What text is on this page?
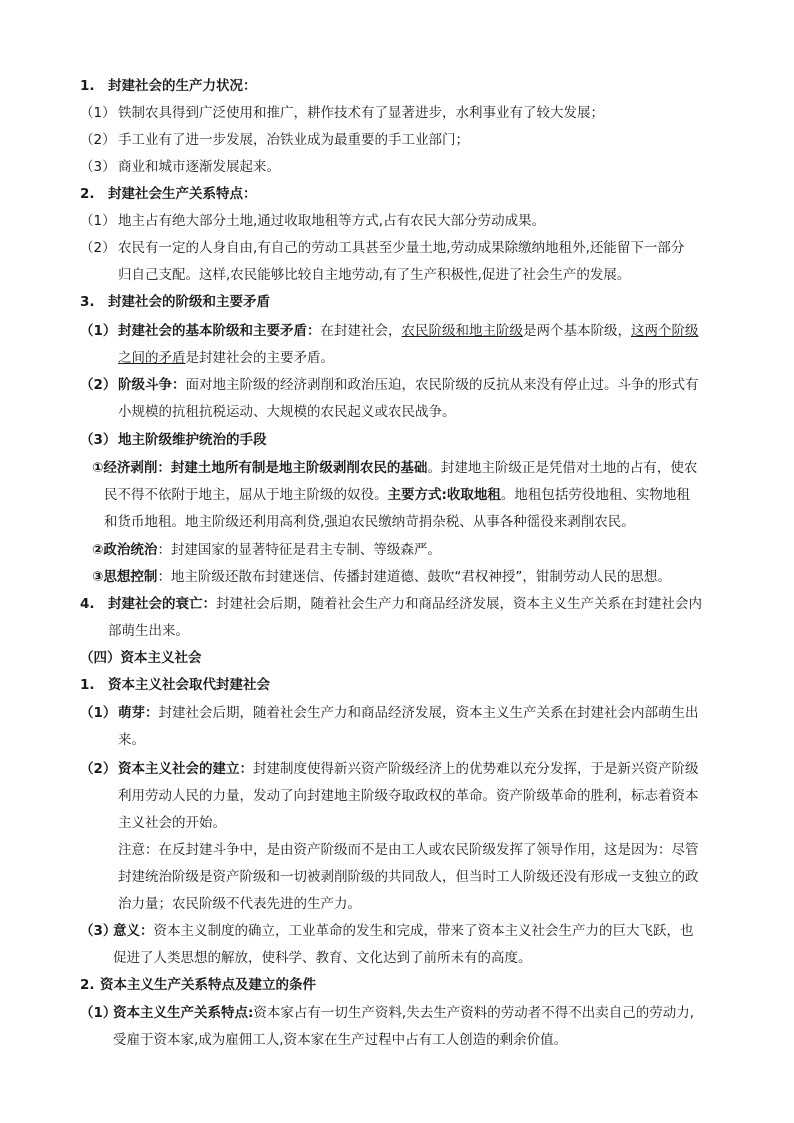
1. 封建社会的生产力状况：
（1） 铁制农具得到广泛使用和推广，耕作技术有了显著进步，水利事业有了较大发展；
（2） 手工业有了进一步发展，冶铁业成为最重要的手工业部门；
（3） 商业和城市逐渐发展起来。
2. 封建社会生产关系特点：
（1） 地主占有绝大部分土地,通过收取地租等方式,占有农民大部分劳动成果。
（2） 农民有一定的人身自由,有自己的劳动工具甚至少量土地,劳动成果除缴纳地租外,还能留下一部分
归自己支配。这样,农民能够比较自主地劳动,有了生产积极性,促进了社会生产的发展。
3. 封建社会的阶级和主要矛盾
（1） 封建社会的基本阶级和主要矛盾：在封建社会，农民阶级和地主阶级是两个基本阶级，这两个阶级
之间的矛盾是封建社会的主要矛盾。
（2） 阶级斗争：面对地主阶级的经济剥削和政治压迫，农民阶级的反抗从来没有停止过。斗争的形式有
小规模的抗租抗税运动、大规模的农民起义或农民战争。
（3） 地主阶级维护统治的手段
①经济剥削：封建土地所有制是地主阶级剥削农民的基础。封建地主阶级正是凭借对土地的占有，使农
民不得不依附于地主，屈从于地主阶级的奴役。主要方式:收取地租。地租包括劳役地租、实物地租
和货币地租。地主阶级还利用高利贷,强迫农民缴纳苛捐杂税、从事各种徭役来剥削农民。
②政治统治：封建国家的显著特征是君主专制、等级森严。
③思想控制：地主阶级还散布封建迷信、传播封建道德、鼓吹“君权神授”，钳制劳动人民的思想。
4. 封建社会的衰亡：封建社会后期，随着社会生产力和商品经济发展，资本主义生产关系在封建社会内
部萌生出来。
（四）资本主义社会
1. 资本主义社会取代封建社会
（1） 萌芽：封建社会后期，随着社会生产力和商品经济发展，资本主义生产关系在封建社会内部萌生出
来。
（2） 资本主义社会的建立：封建制度使得新兴资产阶级经济上的优势难以充分发挥，于是新兴资产阶级
利用劳动人民的力量，发动了向封建地主阶级夺取政权的革命。资产阶级革命的胜利，标志着资本
主义社会的开始。
注意：在反封建斗争中，是由资产阶级而不是由工人或农民阶级发挥了领导作用，这是因为：尽管
封建统治阶级是资产阶级和一切被剥削阶级的共同敌人，但当时工人阶级还没有形成一支独立的政
治力量；农民阶级不代表先进的生产力。
（3）意义：资本主义制度的确立，工业革命的发生和完成，带来了资本主义社会生产力的巨大飞跃，也
促进了人类思想的解放，使科学、教育、文化达到了前所未有的高度。
2. 资本主义生产关系特点及建立的条件
（1）资本主义生产关系特点:资本家占有一切生产资料,失去生产资料的劳动者不得不出卖自己的劳动力,
受雇于资本家,成为雇佣工人,资本家在生产过程中占有工人创造的剩余价值。
